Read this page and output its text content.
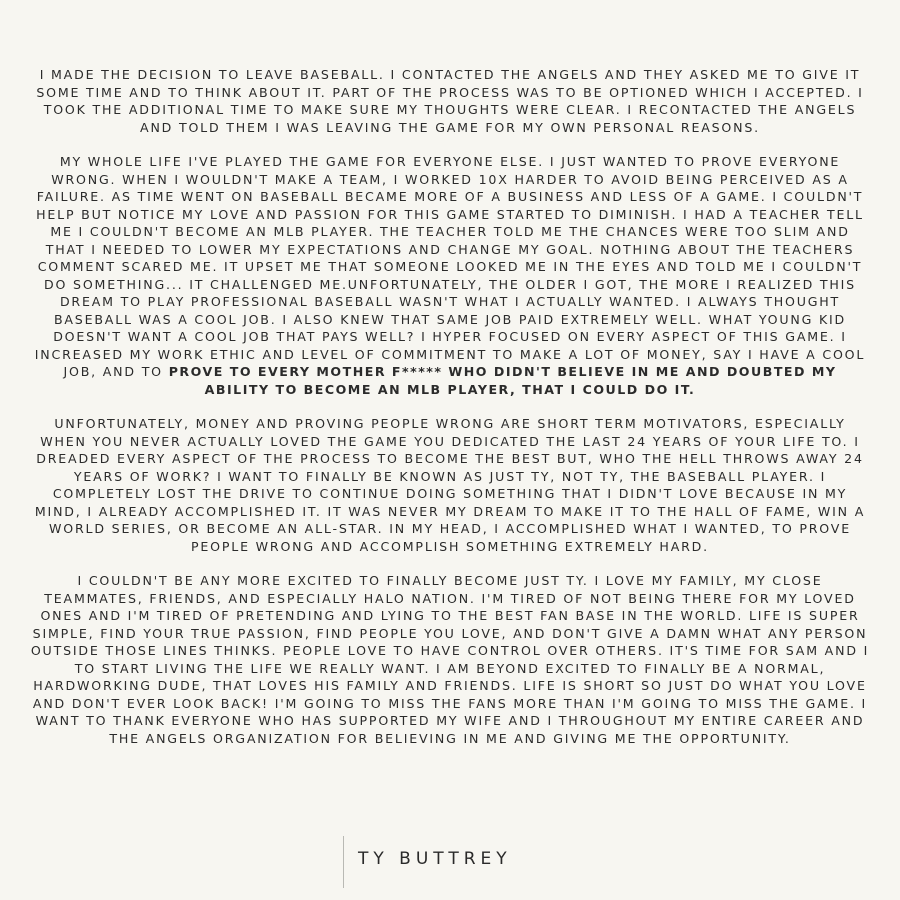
I MADE THE DECISION TO LEAVE BASEBALL. I CONTACTED THE ANGELS AND THEY ASKED ME TO GIVE IT SOME TIME AND TO THINK ABOUT IT. PART OF THE PROCESS WAS TO BE OPTIONED WHICH I ACCEPTED. I TOOK THE ADDITIONAL TIME TO MAKE SURE MY THOUGHTS WERE CLEAR. I RECONTACTED THE ANGELS AND TOLD THEM I WAS LEAVING THE GAME FOR MY OWN PERSONAL REASONS.

MY WHOLE LIFE I'VE PLAYED THE GAME FOR EVERYONE ELSE. I JUST WANTED TO PROVE EVERYONE WRONG. WHEN I WOULDN'T MAKE A TEAM, I WORKED 10X HARDER TO AVOID BEING PERCEIVED AS A FAILURE. AS TIME WENT ON BASEBALL BECAME MORE OF A BUSINESS AND LESS OF A GAME. I COULDN'T HELP BUT NOTICE MY LOVE AND PASSION FOR THIS GAME STARTED TO DIMINISH. I HAD A TEACHER TELL ME I COULDN'T BECOME AN MLB PLAYER. THE TEACHER TOLD ME THE CHANCES WERE TOO SLIM AND THAT I NEEDED TO LOWER MY EXPECTATIONS AND CHANGE MY GOAL. NOTHING ABOUT THE TEACHERS COMMENT SCARED ME. IT UPSET ME THAT SOMEONE LOOKED ME IN THE EYES AND TOLD ME I COULDN'T DO SOMETHING... IT CHALLENGED ME.UNFORTUNATELY, THE OLDER I GOT, THE MORE I REALIZED THIS DREAM TO PLAY PROFESSIONAL BASEBALL WASN'T WHAT I ACTUALLY WANTED. I ALWAYS THOUGHT BASEBALL WAS A COOL JOB. I ALSO KNEW THAT SAME JOB PAID EXTREMELY WELL. WHAT YOUNG KID DOESN'T WANT A COOL JOB THAT PAYS WELL? I HYPER FOCUSED ON EVERY ASPECT OF THIS GAME. I INCREASED MY WORK ETHIC AND LEVEL OF COMMITMENT TO MAKE A LOT OF MONEY, SAY I HAVE A COOL JOB, AND TO PROVE TO EVERY MOTHER F***** WHO DIDN'T BELIEVE IN ME AND DOUBTED MY ABILITY TO BECOME AN MLB PLAYER, THAT I COULD DO IT.

UNFORTUNATELY, MONEY AND PROVING PEOPLE WRONG ARE SHORT TERM MOTIVATORS, ESPECIALLY WHEN YOU NEVER ACTUALLY LOVED THE GAME YOU DEDICATED THE LAST 24 YEARS OF YOUR LIFE TO. I DREADED EVERY ASPECT OF THE PROCESS TO BECOME THE BEST BUT, WHO THE HELL THROWS AWAY 24 YEARS OF WORK? I WANT TO FINALLY BE KNOWN AS JUST TY, NOT TY, THE BASEBALL PLAYER. I COMPLETELY LOST THE DRIVE TO CONTINUE DOING SOMETHING THAT I DIDN'T LOVE BECAUSE IN MY MIND, I ALREADY ACCOMPLISHED IT. IT WAS NEVER MY DREAM TO MAKE IT TO THE HALL OF FAME, WIN A WORLD SERIES, OR BECOME AN ALL-STAR. IN MY HEAD, I ACCOMPLISHED WHAT I WANTED, TO PROVE PEOPLE WRONG AND ACCOMPLISH SOMETHING EXTREMELY HARD.

I COULDN'T BE ANY MORE EXCITED TO FINALLY BECOME JUST TY. I LOVE MY FAMILY, MY CLOSE TEAMMATES, FRIENDS, AND ESPECIALLY HALO NATION. I'M TIRED OF NOT BEING THERE FOR MY LOVED ONES AND I'M TIRED OF PRETENDING AND LYING TO THE BEST FAN BASE IN THE WORLD. LIFE IS SUPER SIMPLE, FIND YOUR TRUE PASSION, FIND PEOPLE YOU LOVE, AND DON'T GIVE A DAMN WHAT ANY PERSON OUTSIDE THOSE LINES THINKS. PEOPLE LOVE TO HAVE CONTROL OVER OTHERS. IT'S TIME FOR SAM AND I TO START LIVING THE LIFE WE REALLY WANT. I AM BEYOND EXCITED TO FINALLY BE A NORMAL, HARDWORKING DUDE, THAT LOVES HIS FAMILY AND FRIENDS. LIFE IS SHORT SO JUST DO WHAT YOU LOVE AND DON'T EVER LOOK BACK! I'M GOING TO MISS THE FANS MORE THAN I'M GOING TO MISS THE GAME. I WANT TO THANK EVERYONE WHO HAS SUPPORTED MY WIFE AND I THROUGHOUT MY ENTIRE CAREER AND THE ANGELS ORGANIZATION FOR BELIEVING IN ME AND GIVING ME THE OPPORTUNITY.

TY BUTTREY
